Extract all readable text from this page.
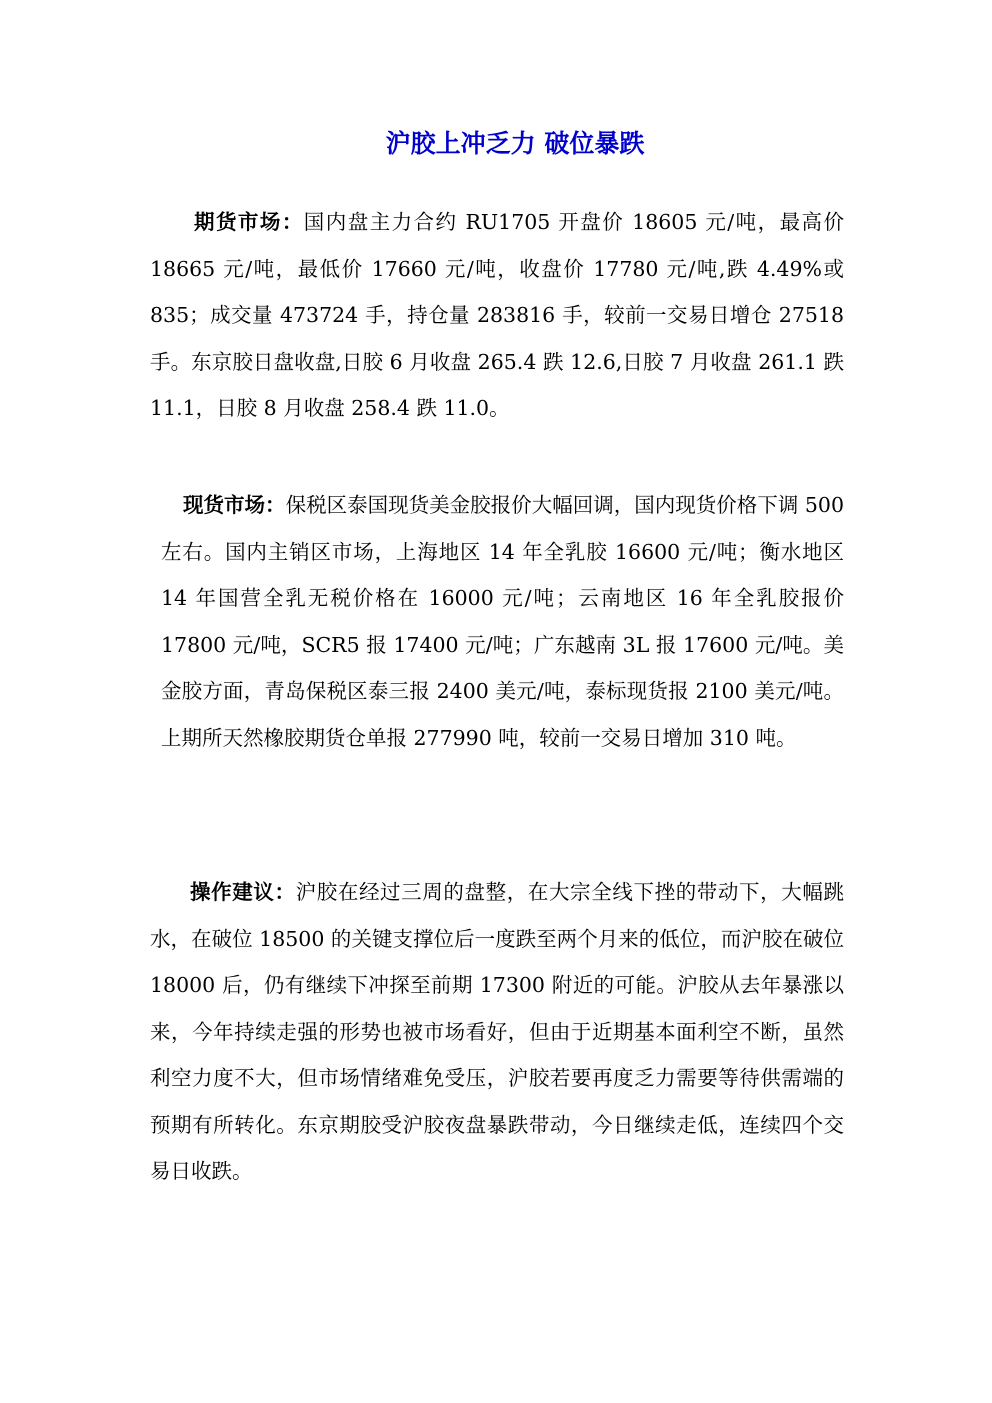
沪胶上冲乏力 破位暴跌

期货市场：国内盘主力合约 RU1705 开盘价 18605 元/吨，最高价 18665 元/吨，最低价 17660 元/吨，收盘价 17780 元/吨,跌 4.49%或 835；成交量 473724 手，持仓量 283816 手，较前一交易日增仓 27518 手。东京胶日盘收盘,日胶 6 月收盘 265.4 跌 12.6,日胶 7 月收盘 261.1 跌 11.1，日胶 8 月收盘 258.4 跌 11.0。

现货市场：保税区泰国现货美金胶报价大幅回调，国内现货价格下调 500 左右。国内主销区市场，上海地区 14 年全乳胶 16600 元/吨；衡水地区 14 年国营全乳无税价格在 16000 元/吨；云南地区 16 年全乳胶报价 17800 元/吨，SCR5 报 17400 元/吨；广东越南 3L 报 17600 元/吨。美金胶方面，青岛保税区泰三报 2400 美元/吨，泰标现货报 2100 美元/吨。上期所天然橡胶期货仓单报 277990 吨，较前一交易日增加 310 吨。

操作建议：沪胶在经过三周的盘整，在大宗全线下挫的带动下，大幅跳水，在破位 18500 的关键支撑位后一度跌至两个月来的低位，而沪胶在破位 18000 后，仍有继续下冲探至前期 17300 附近的可能。沪胶从去年暴涨以来，今年持续走强的形势也被市场看好，但由于近期基本面利空不断，虽然利空力度不大，但市场情绪难免受压，沪胶若要再度乏力需要等待供需端的预期有所转化。东京期胶受沪胶夜盘暴跌带动，今日继续走低，连续四个交易日收跌。
